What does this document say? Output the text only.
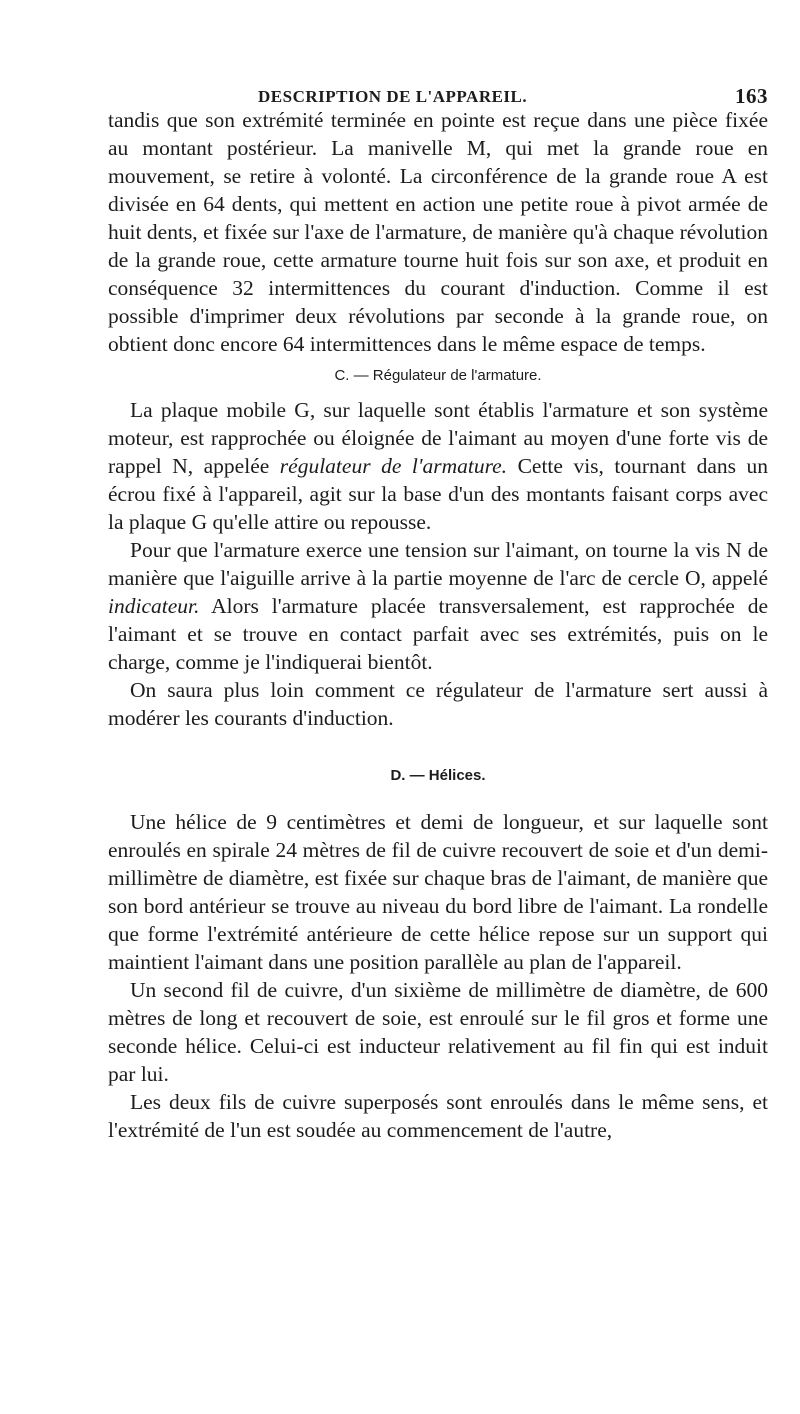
DESCRIPTION DE L'APPAREIL.	163

tandis que son extrémité terminée en pointe est reçue dans une pièce fixée au montant postérieur. La manivelle M, qui met la grande roue en mouvement, se retire à volonté. La circonférence de la grande roue A est divisée en 64 dents, qui mettent en action une petite roue à pivot armée de huit dents, et fixée sur l'axe de l'armature, de manière qu'à chaque révolution de la grande roue, cette armature tourne huit fois sur son axe, et produit en conséquence 32 intermittences du courant d'induction. Comme il est possible d'imprimer deux révolutions par seconde à la grande roue, on obtient donc encore 64 intermittences dans le même espace de temps.

C. — Régulateur de l'armature.

La plaque mobile G, sur laquelle sont établis l'armature et son système moteur, est rapprochée ou éloignée de l'aimant au moyen d'une forte vis de rappel N, appelée régulateur de l'armature. Cette vis, tournant dans un écrou fixé à l'appareil, agit sur la base d'un des montants faisant corps avec la plaque G qu'elle attire ou repousse.

Pour que l'armature exerce une tension sur l'aimant, on tourne la vis N de manière que l'aiguille arrive à la partie moyenne de l'arc de cercle O, appelé indicateur. Alors l'armature placée transversalement, est rapprochée de l'aimant et se trouve en contact parfait avec ses extrémités, puis on le charge, comme je l'indiquerai bientôt.

On saura plus loin comment ce régulateur de l'armature sert aussi à modérer les courants d'induction.

D. — Hélices.

Une hélice de 9 centimètres et demi de longueur, et sur laquelle sont enroulés en spirale 24 mètres de fil de cuivre recouvert de soie et d'un demi-millimètre de diamètre, est fixée sur chaque bras de l'aimant, de manière que son bord antérieur se trouve au niveau du bord libre de l'aimant. La rondelle que forme l'extrémité antérieure de cette hélice repose sur un support qui maintient l'aimant dans une position parallèle au plan de l'appareil.

Un second fil de cuivre, d'un sixième de millimètre de diamètre, de 600 mètres de long et recouvert de soie, est enroulé sur le fil gros et forme une seconde hélice. Celui-ci est inducteur relativement au fil fin qui est induit par lui.

Les deux fils de cuivre superposés sont enroulés dans le même sens, et l'extrémité de l'un est soudée au commencement de l'autre,
